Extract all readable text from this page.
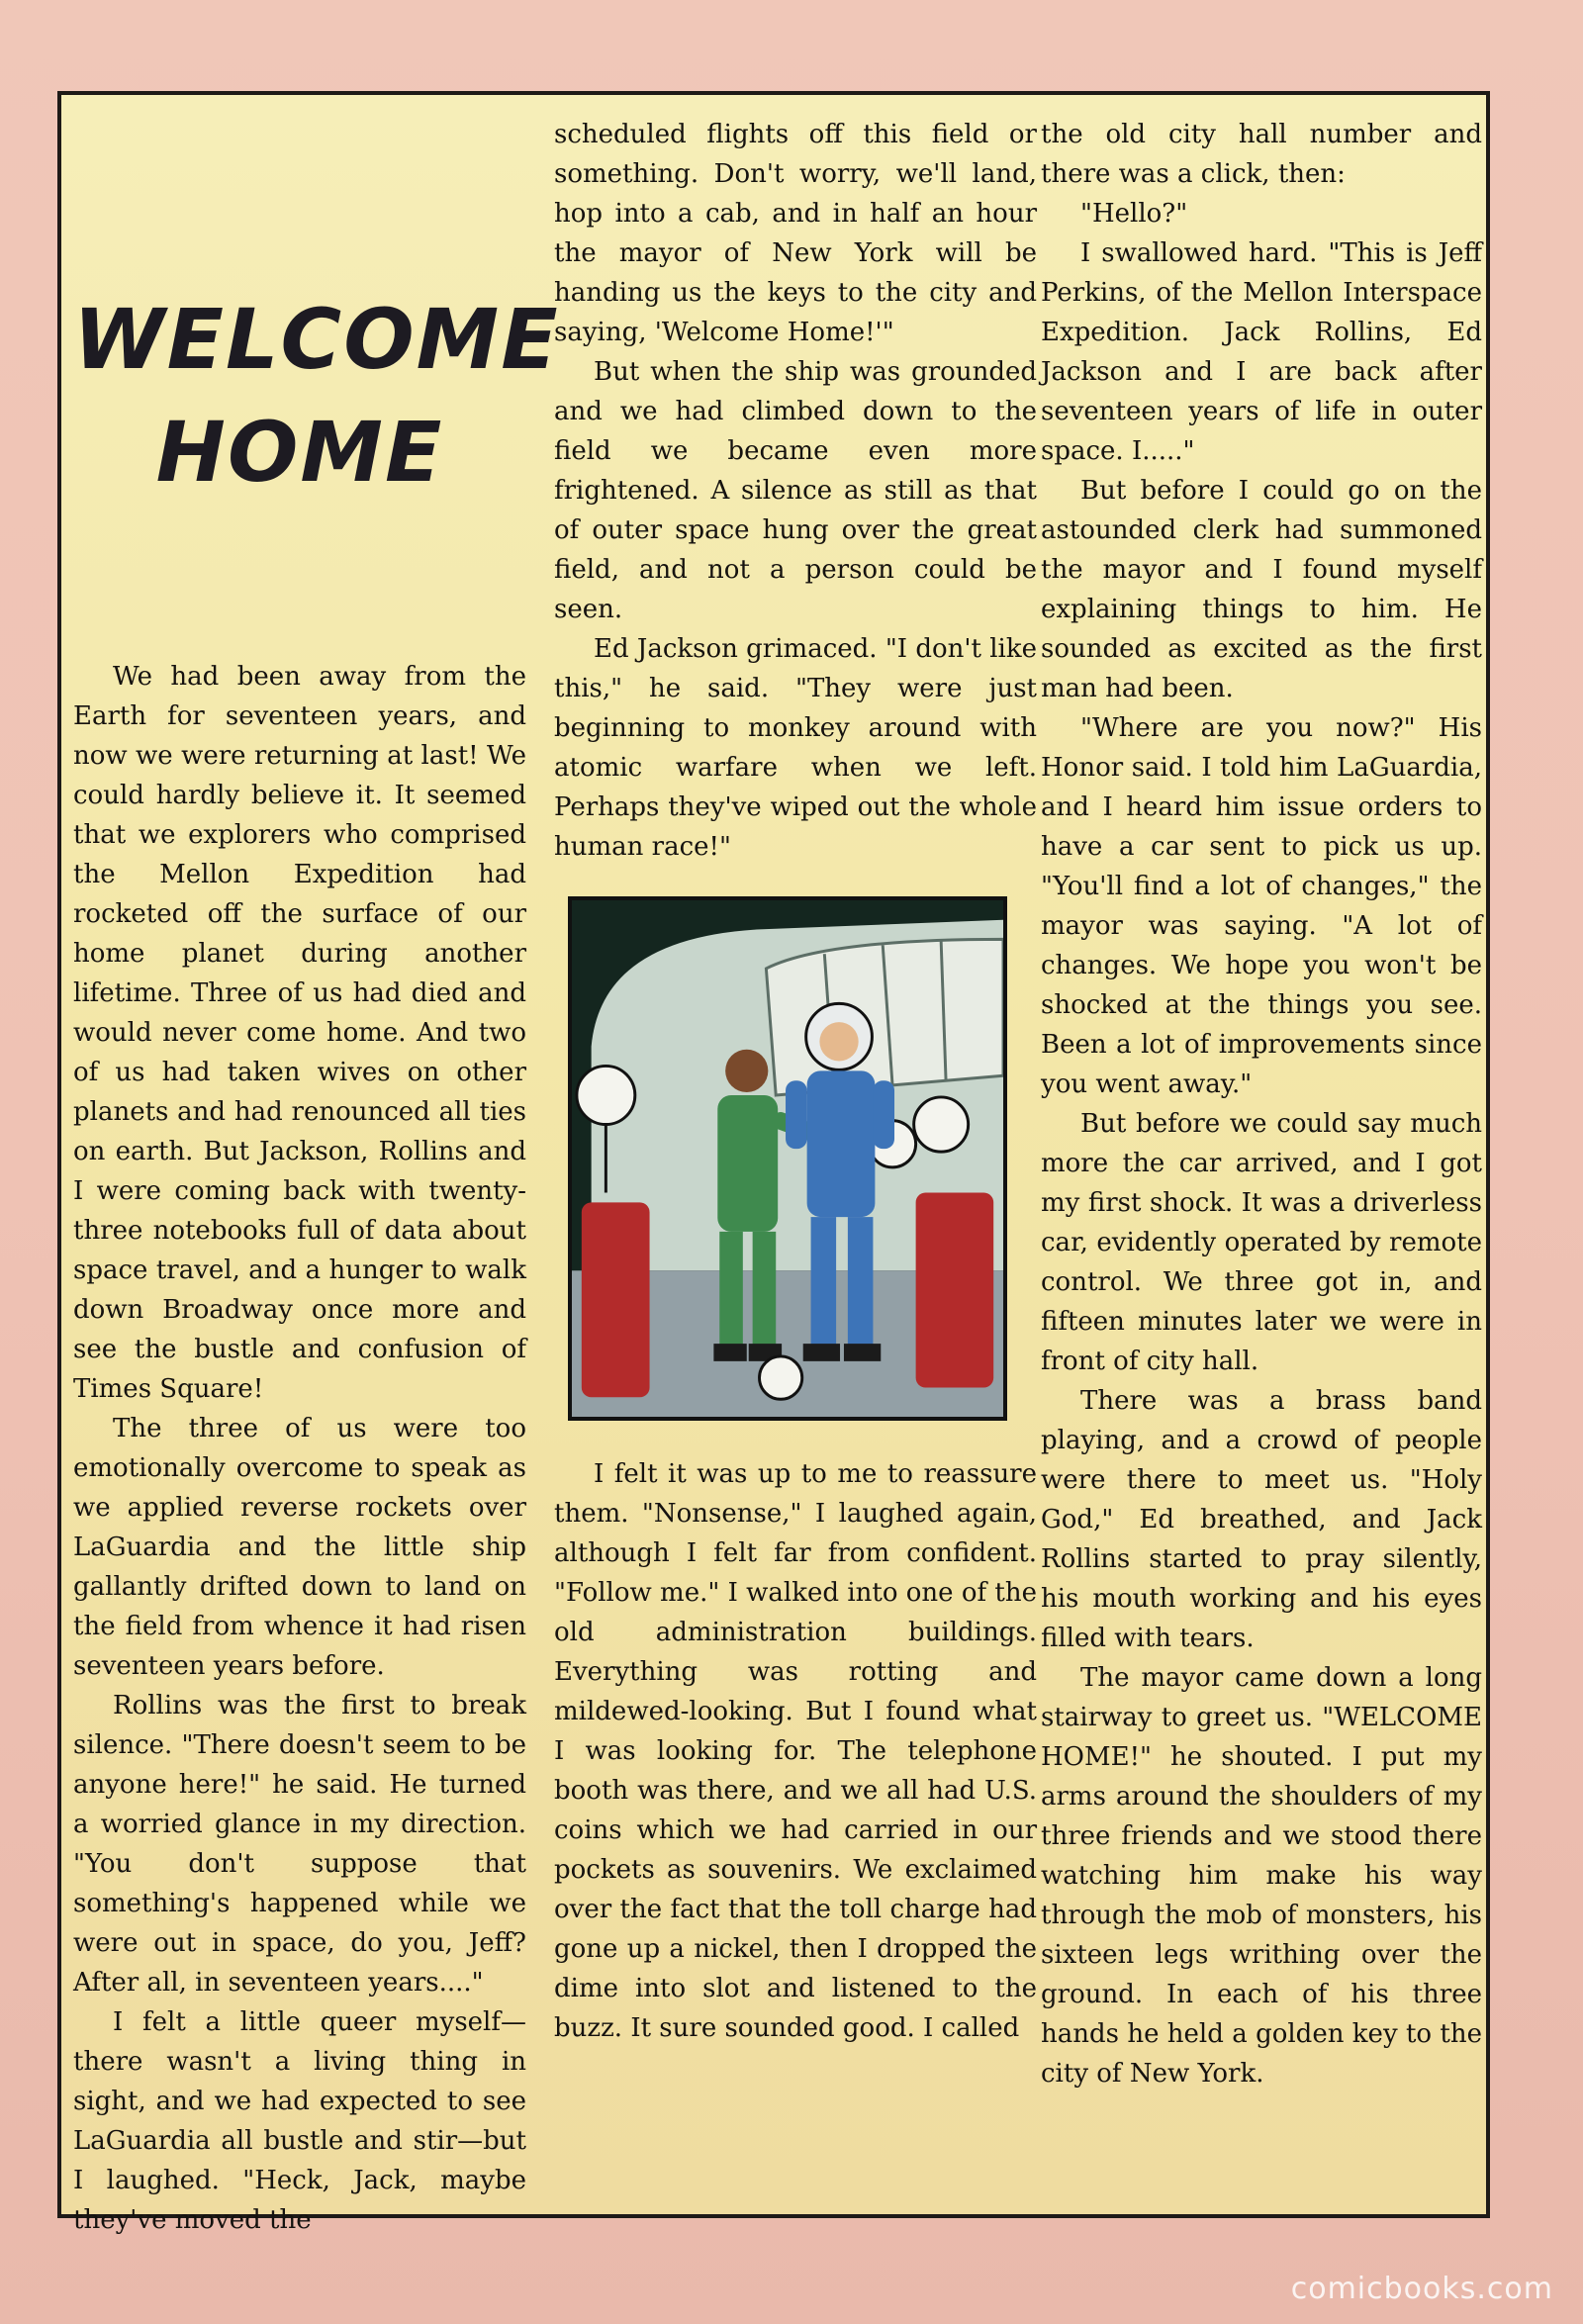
WELCOME
HOME

We had been away from the Earth for seventeen years, and now we were returning at last! We could hardly believe it. It seemed that we explorers who comprised the Mellon Expedition had rocketed off the surface of our home planet during another lifetime. Three of us had died and would never come home. And two of us had taken wives on other planets and had renounced all ties on earth. But Jackson, Rollins and I were coming back with twenty-three notebooks full of data about space travel, and a hunger to walk down Broadway once more and see the bustle and confusion of Times Square!

The three of us were too emotionally overcome to speak as we applied reverse rockets over LaGuardia and the little ship gallantly drifted down to land on the field from whence it had risen seventeen years before.

Rollins was the first to break silence. "There doesn't seem to be anyone here!" he said. He turned a worried glance in my direction. "You don't suppose that something's happened while we were out in space, do you, Jeff? After all, in seventeen years...."

I felt a little queer myself—there wasn't a living thing in sight, and we had expected to see LaGuardia all bustle and stir—but I laughed. "Heck, Jack, maybe they've moved the

scheduled flights off this field or something. Don't worry, we'll land, hop into a cab, and in half an hour the mayor of New York will be handing us the keys to the city and saying, 'Welcome Home!'"

But when the ship was grounded and we had climbed down to the field we became even more frightened. A silence as still as that of outer space hung over the great field, and not a person could be seen.

Ed Jackson grimaced. "I don't like this," he said. "They were just beginning to monkey around with atomic warfare when we left. Perhaps they've wiped out the whole human race!"

I felt it was up to me to reassure them. "Nonsense," I laughed again, although I felt far from confident. "Follow me." I walked into one of the old administration buildings. Everything was rotting and mildewed-looking. But I found what I was looking for. The telephone booth was there, and we all had U.S. coins which we had carried in our pockets as souvenirs. We exclaimed over the fact that the toll charge had gone up a nickel, then I dropped the dime into slot and listened to the buzz. It sure sounded good. I called

the old city hall number and there was a click, then:

"Hello?"

I swallowed hard. "This is Jeff Perkins, of the Mellon Interspace Expedition. Jack Rollins, Ed Jackson and I are back after seventeen years of life in outer space. I....."

But before I could go on the astounded clerk had summoned the mayor and I found myself explaining things to him. He sounded as excited as the first man had been.

"Where are you now?" His Honor said. I told him LaGuardia, and I heard him issue orders to have a car sent to pick us up. "You'll find a lot of changes," the mayor was saying. "A lot of changes. We hope you won't be shocked at the things you see. Been a lot of improvements since you went away."

But before we could say much more the car arrived, and I got my first shock. It was a driverless car, evidently operated by remote control. We three got in, and fifteen minutes later we were in front of city hall.

There was a brass band playing, and a crowd of people were there to meet us. "Holy God," Ed breathed, and Jack Rollins started to pray silently, his mouth working and his eyes filled with tears.

The mayor came down a long stairway to greet us. "WELCOME HOME!" he shouted. I put my arms around the shoulders of my three friends and we stood there watching him make his way through the mob of monsters, his sixteen legs writhing over the ground. In each of his three hands he held a golden key to the city of New York.

comicbooks.com
